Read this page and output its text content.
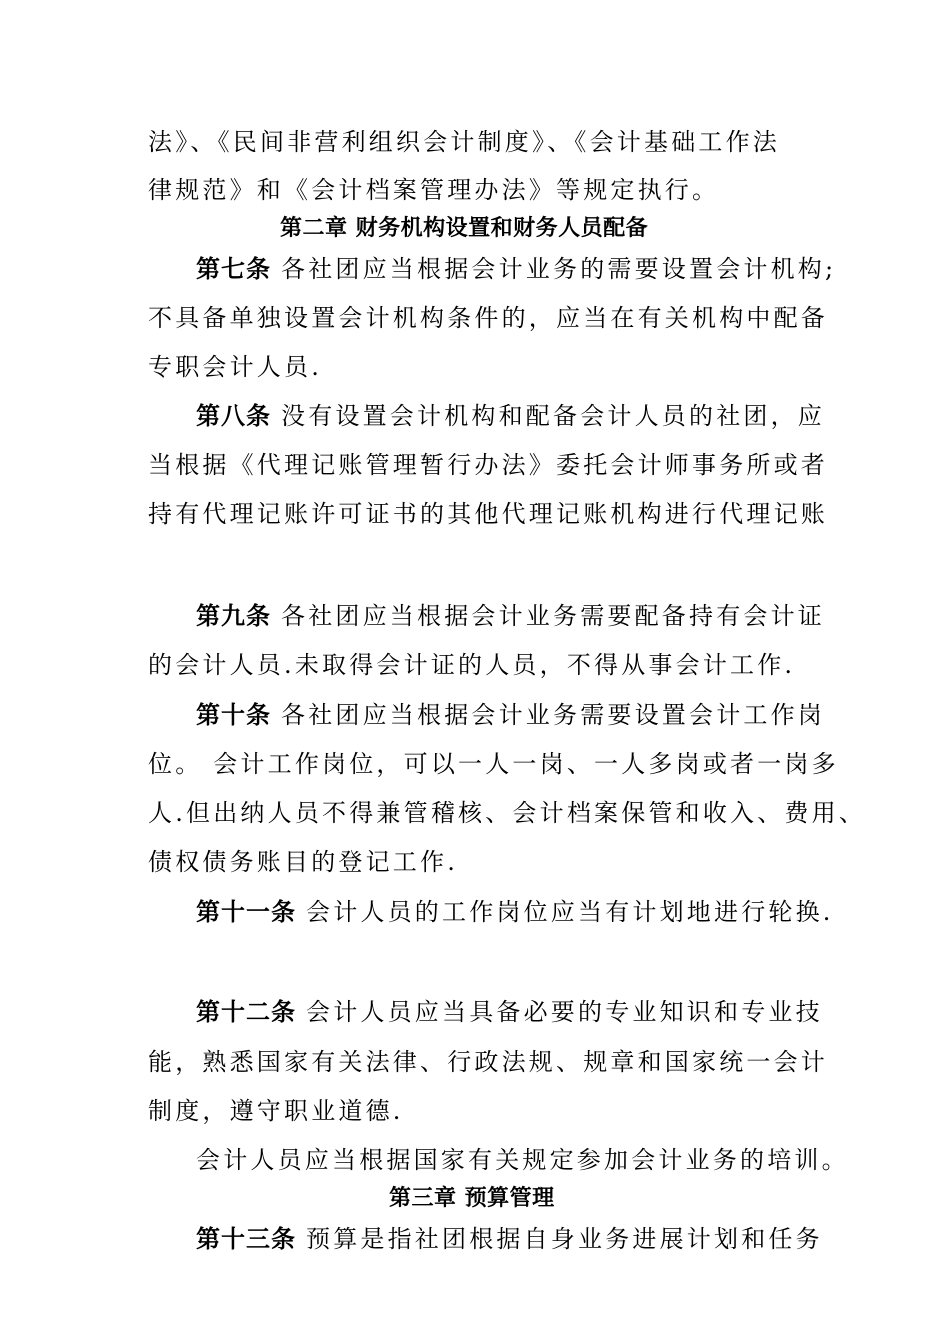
法》、《民间非营利组织会计制度》、《会计基础工作法
律规范》和《会计档案管理办法》等规定执行。
第二章 财务机构设置和财务人员配备
第七条 各社团应当根据会计业务的需要设置会计机构;
不具备单独设置会计机构条件的，应当在有关机构中配备
专职会计人员.
第八条 没有设置会计机构和配备会计人员的社团，应
当根据《代理记账管理暂行办法》委托会计师事务所或者
持有代理记账许可证书的其他代理记账机构进行代理记账
第九条 各社团应当根据会计业务需要配备持有会计证
的会计人员.未取得会计证的人员，不得从事会计工作.
第十条 各社团应当根据会计业务需要设置会计工作岗
位。 会计工作岗位，可以一人一岗、一人多岗或者一岗多
人.但出纳人员不得兼管稽核、会计档案保管和收入、费用、
债权债务账目的登记工作.
第十一条 会计人员的工作岗位应当有计划地进行轮换.
第十二条 会计人员应当具备必要的专业知识和专业技
能，熟悉国家有关法律、行政法规、规章和国家统一会计
制度，遵守职业道德.
会计人员应当根据国家有关规定参加会计业务的培训。
第三章 预算管理
第十三条 预算是指社团根据自身业务进展计划和任务
